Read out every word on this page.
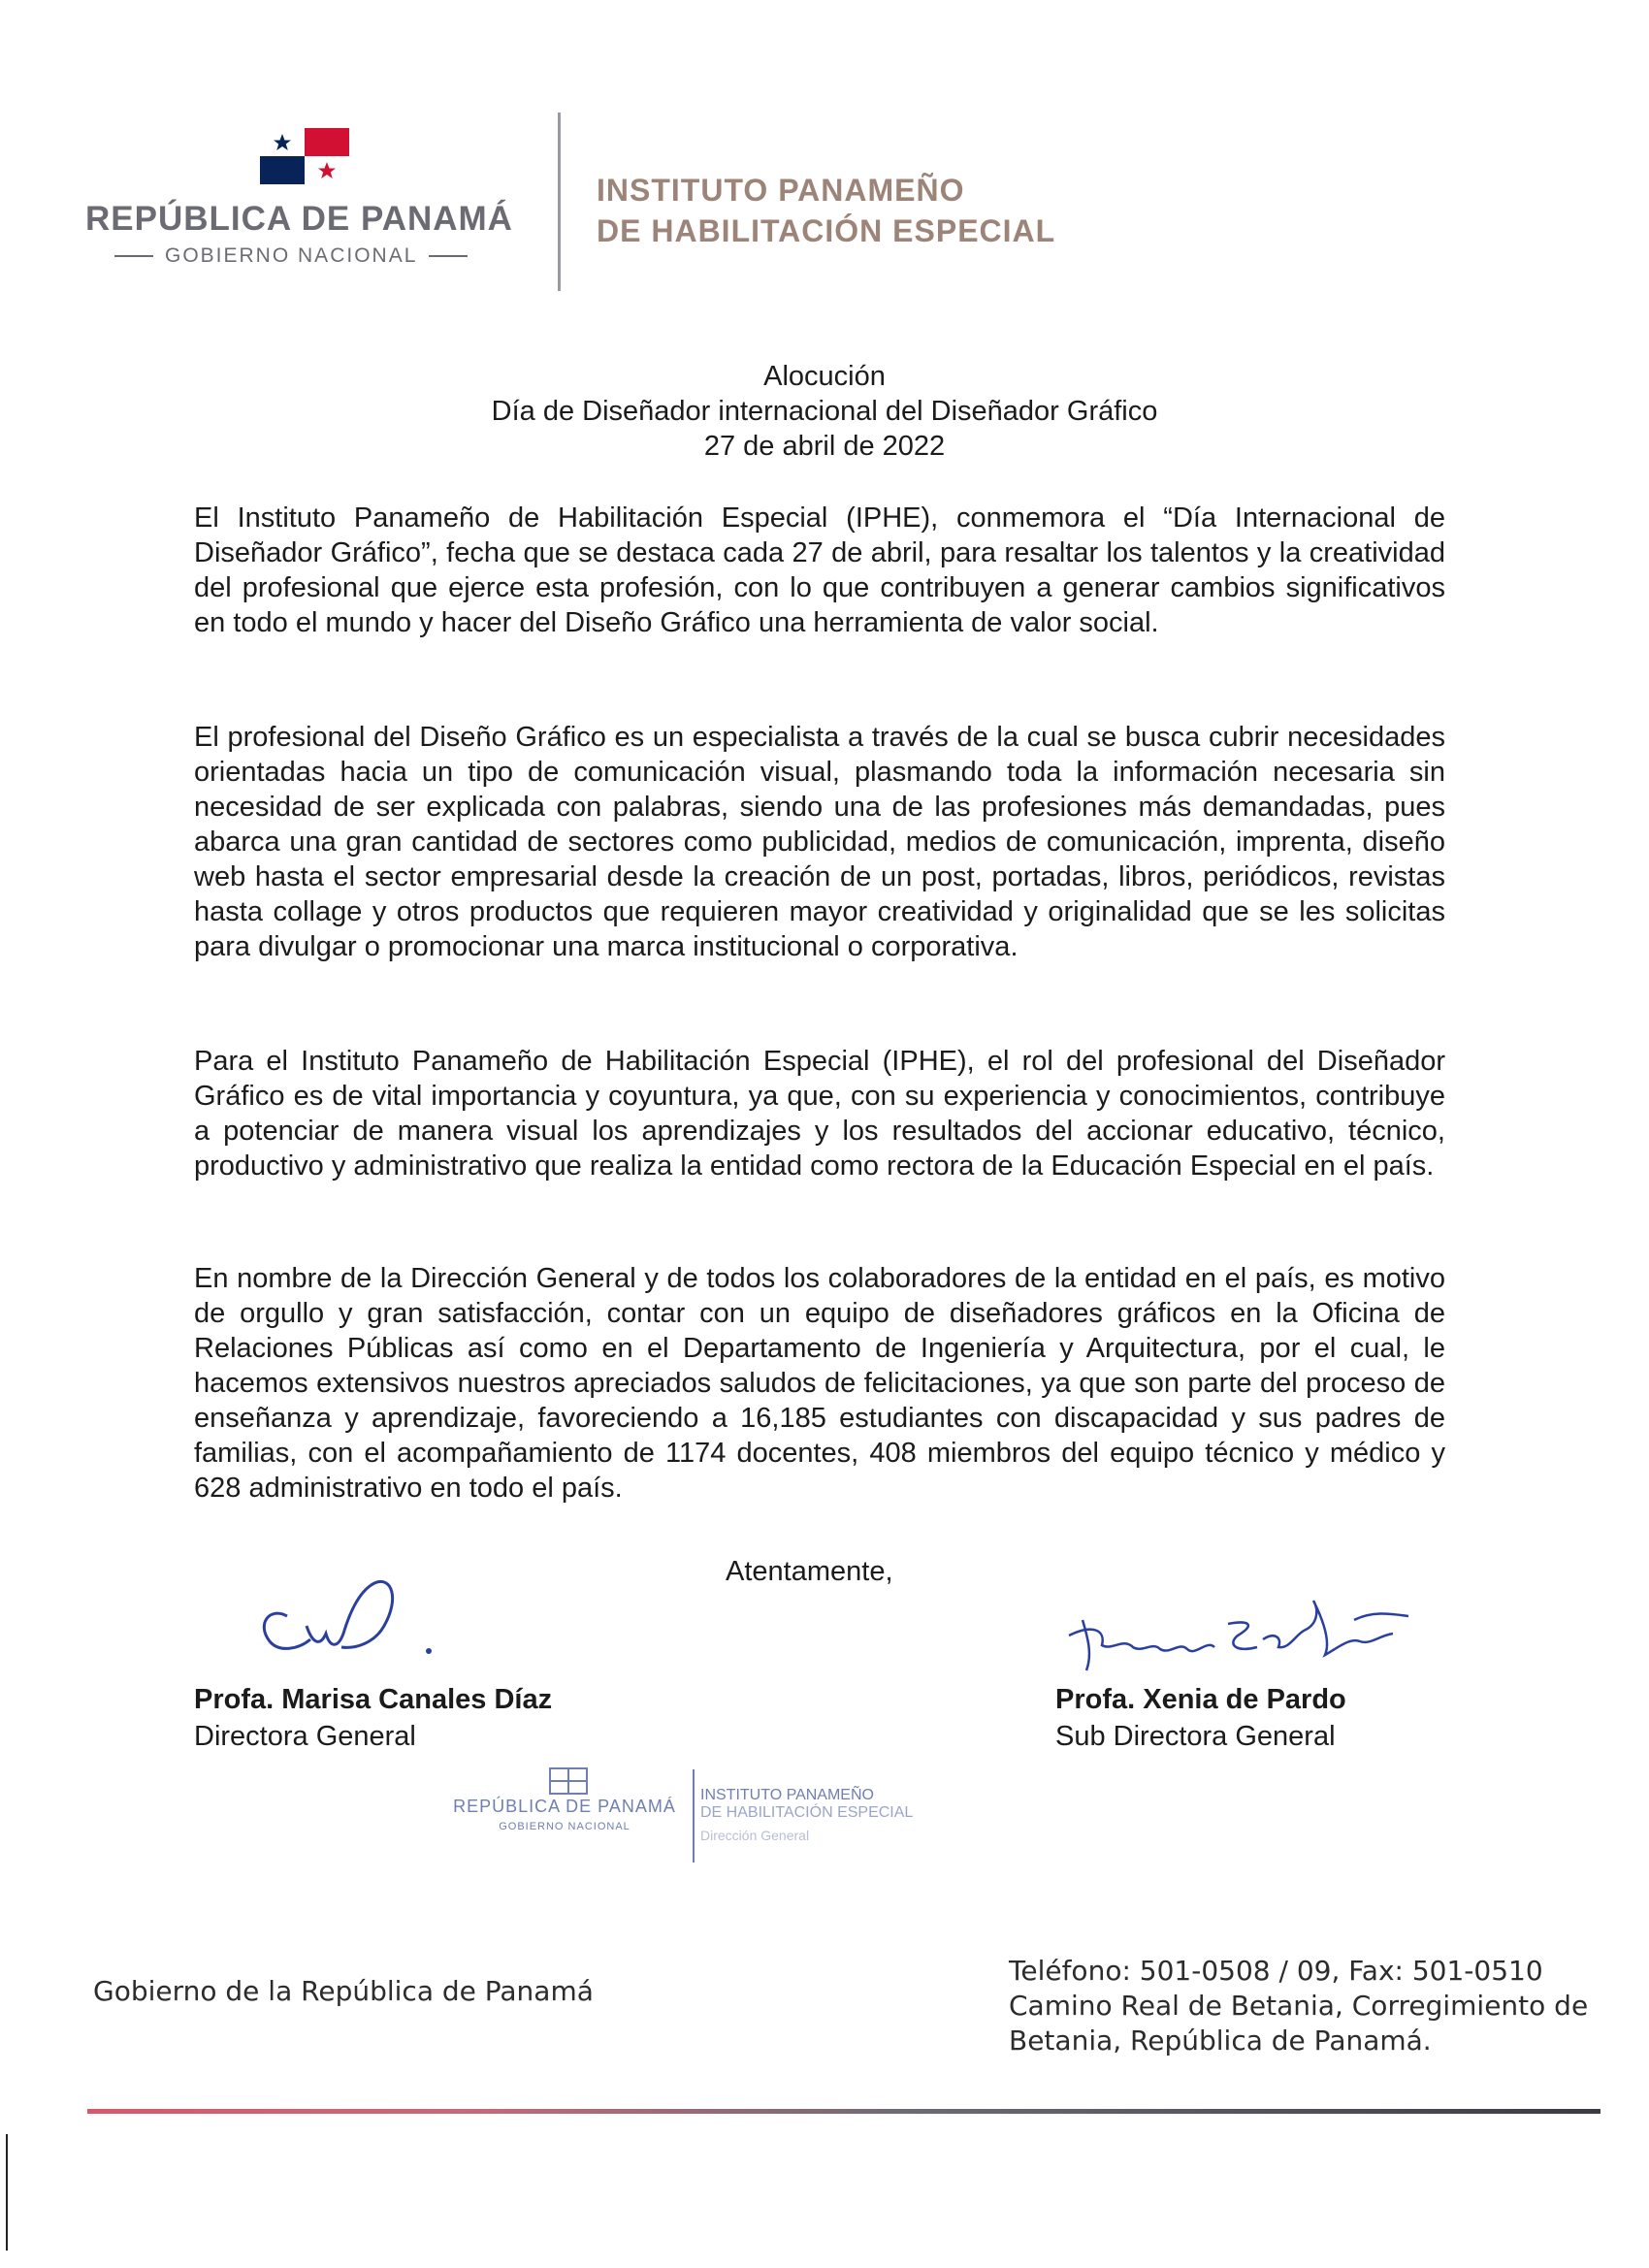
REPÚBLICA DE PANAMÁ
GOBIERNO NACIONAL
INSTITUTO PANAMEÑO
DE HABILITACIÓN ESPECIAL
Alocución
Día de Diseñador internacional del Diseñador Gráfico
27 de abril de 2022

El Instituto Panameño de Habilitación Especial (IPHE), conmemora el “Día Internacional de Diseñador Gráfico”, fecha que se destaca cada 27 de abril, para resaltar los talentos y la creatividad del profesional que ejerce esta profesión, con lo que contribuyen a generar cambios significativos en todo el mundo y hacer del Diseño Gráfico una herramienta de valor social.

El profesional del Diseño Gráfico es un especialista a través de la cual se busca cubrir necesidades orientadas hacia un tipo de comunicación visual, plasmando toda la información necesaria sin necesidad de ser explicada con palabras, siendo una de las profesiones más demandadas, pues abarca una gran cantidad de sectores como publicidad, medios de comunicación, imprenta, diseño web hasta el sector empresarial desde la creación de un post, portadas, libros, periódicos, revistas hasta collage y otros productos que requieren mayor creatividad y originalidad que se les solicitas para divulgar o promocionar una marca institucional o corporativa.

Para el Instituto Panameño de Habilitación Especial (IPHE), el rol del profesional del Diseñador Gráfico es de vital importancia y coyuntura, ya que, con su experiencia y conocimientos, contribuye a potenciar de manera visual los aprendizajes y los resultados del accionar educativo, técnico, productivo y administrativo que realiza la entidad como rectora de la Educación Especial en el país.

En nombre de la Dirección General y de todos los colaboradores de la entidad en el país, es motivo de orgullo y gran satisfacción, contar con un equipo de diseñadores gráficos en la Oficina de Relaciones Públicas así como en el Departamento de Ingeniería y Arquitectura, por el cual, le hacemos extensivos nuestros apreciados saludos de felicitaciones, ya que son parte del proceso de enseñanza y aprendizaje, favoreciendo a 16,185 estudiantes con discapacidad y sus padres de familias, con el acompañamiento de 1174 docentes, 408 miembros del equipo técnico y médico y 628 administrativo en todo el país.

Atentamente,
Profa. Marisa Canales Díaz
Directora General
Profa. Xenia de Pardo
Sub Directora General
REPÚBLICA DE PANAMÁ
GOBIERNO NACIONAL
INSTITUTO PANAMEÑO
DE HABILITACIÓN ESPECIAL
Dirección General
Gobierno de la República de Panamá
Teléfono: 501-0508 / 09, Fax: 501-0510
Camino Real de Betania, Corregimiento de
Betania, República de Panamá.
